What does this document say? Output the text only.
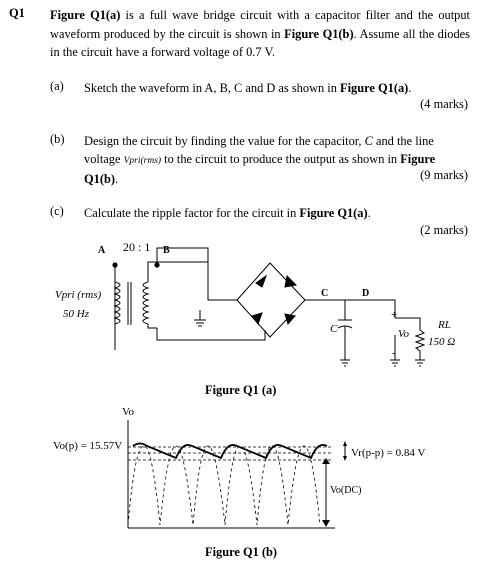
Q1 Figure Q1(a) is a full wave bridge circuit with a capacitor filter and the output waveform produced by the circuit is shown in Figure Q1(b). Assume all the diodes in the circuit have a forward voltage of 0.7 V.
(a) Sketch the waveform in A, B, C and D as shown in Figure Q1(a).
(4 marks)
(b) Design the circuit by finding the value for the capacitor, C and the line voltage Vpri(rms) to the circuit to produce the output as shown in Figure Q1(b).	(9 marks)
(c) Calculate the ripple factor for the circuit in Figure Q1(a).
(2 marks)
A 20 : 1 B
Vpri (rms)
50 Hz
C	D
C
+
-
Vo
RL
150 Ω
Figure Q1 (a)
Vo
Vo(p) = 15.57V
Vr(p-p) = 0.84 V
Vo(DC)
Figure Q1 (b)
